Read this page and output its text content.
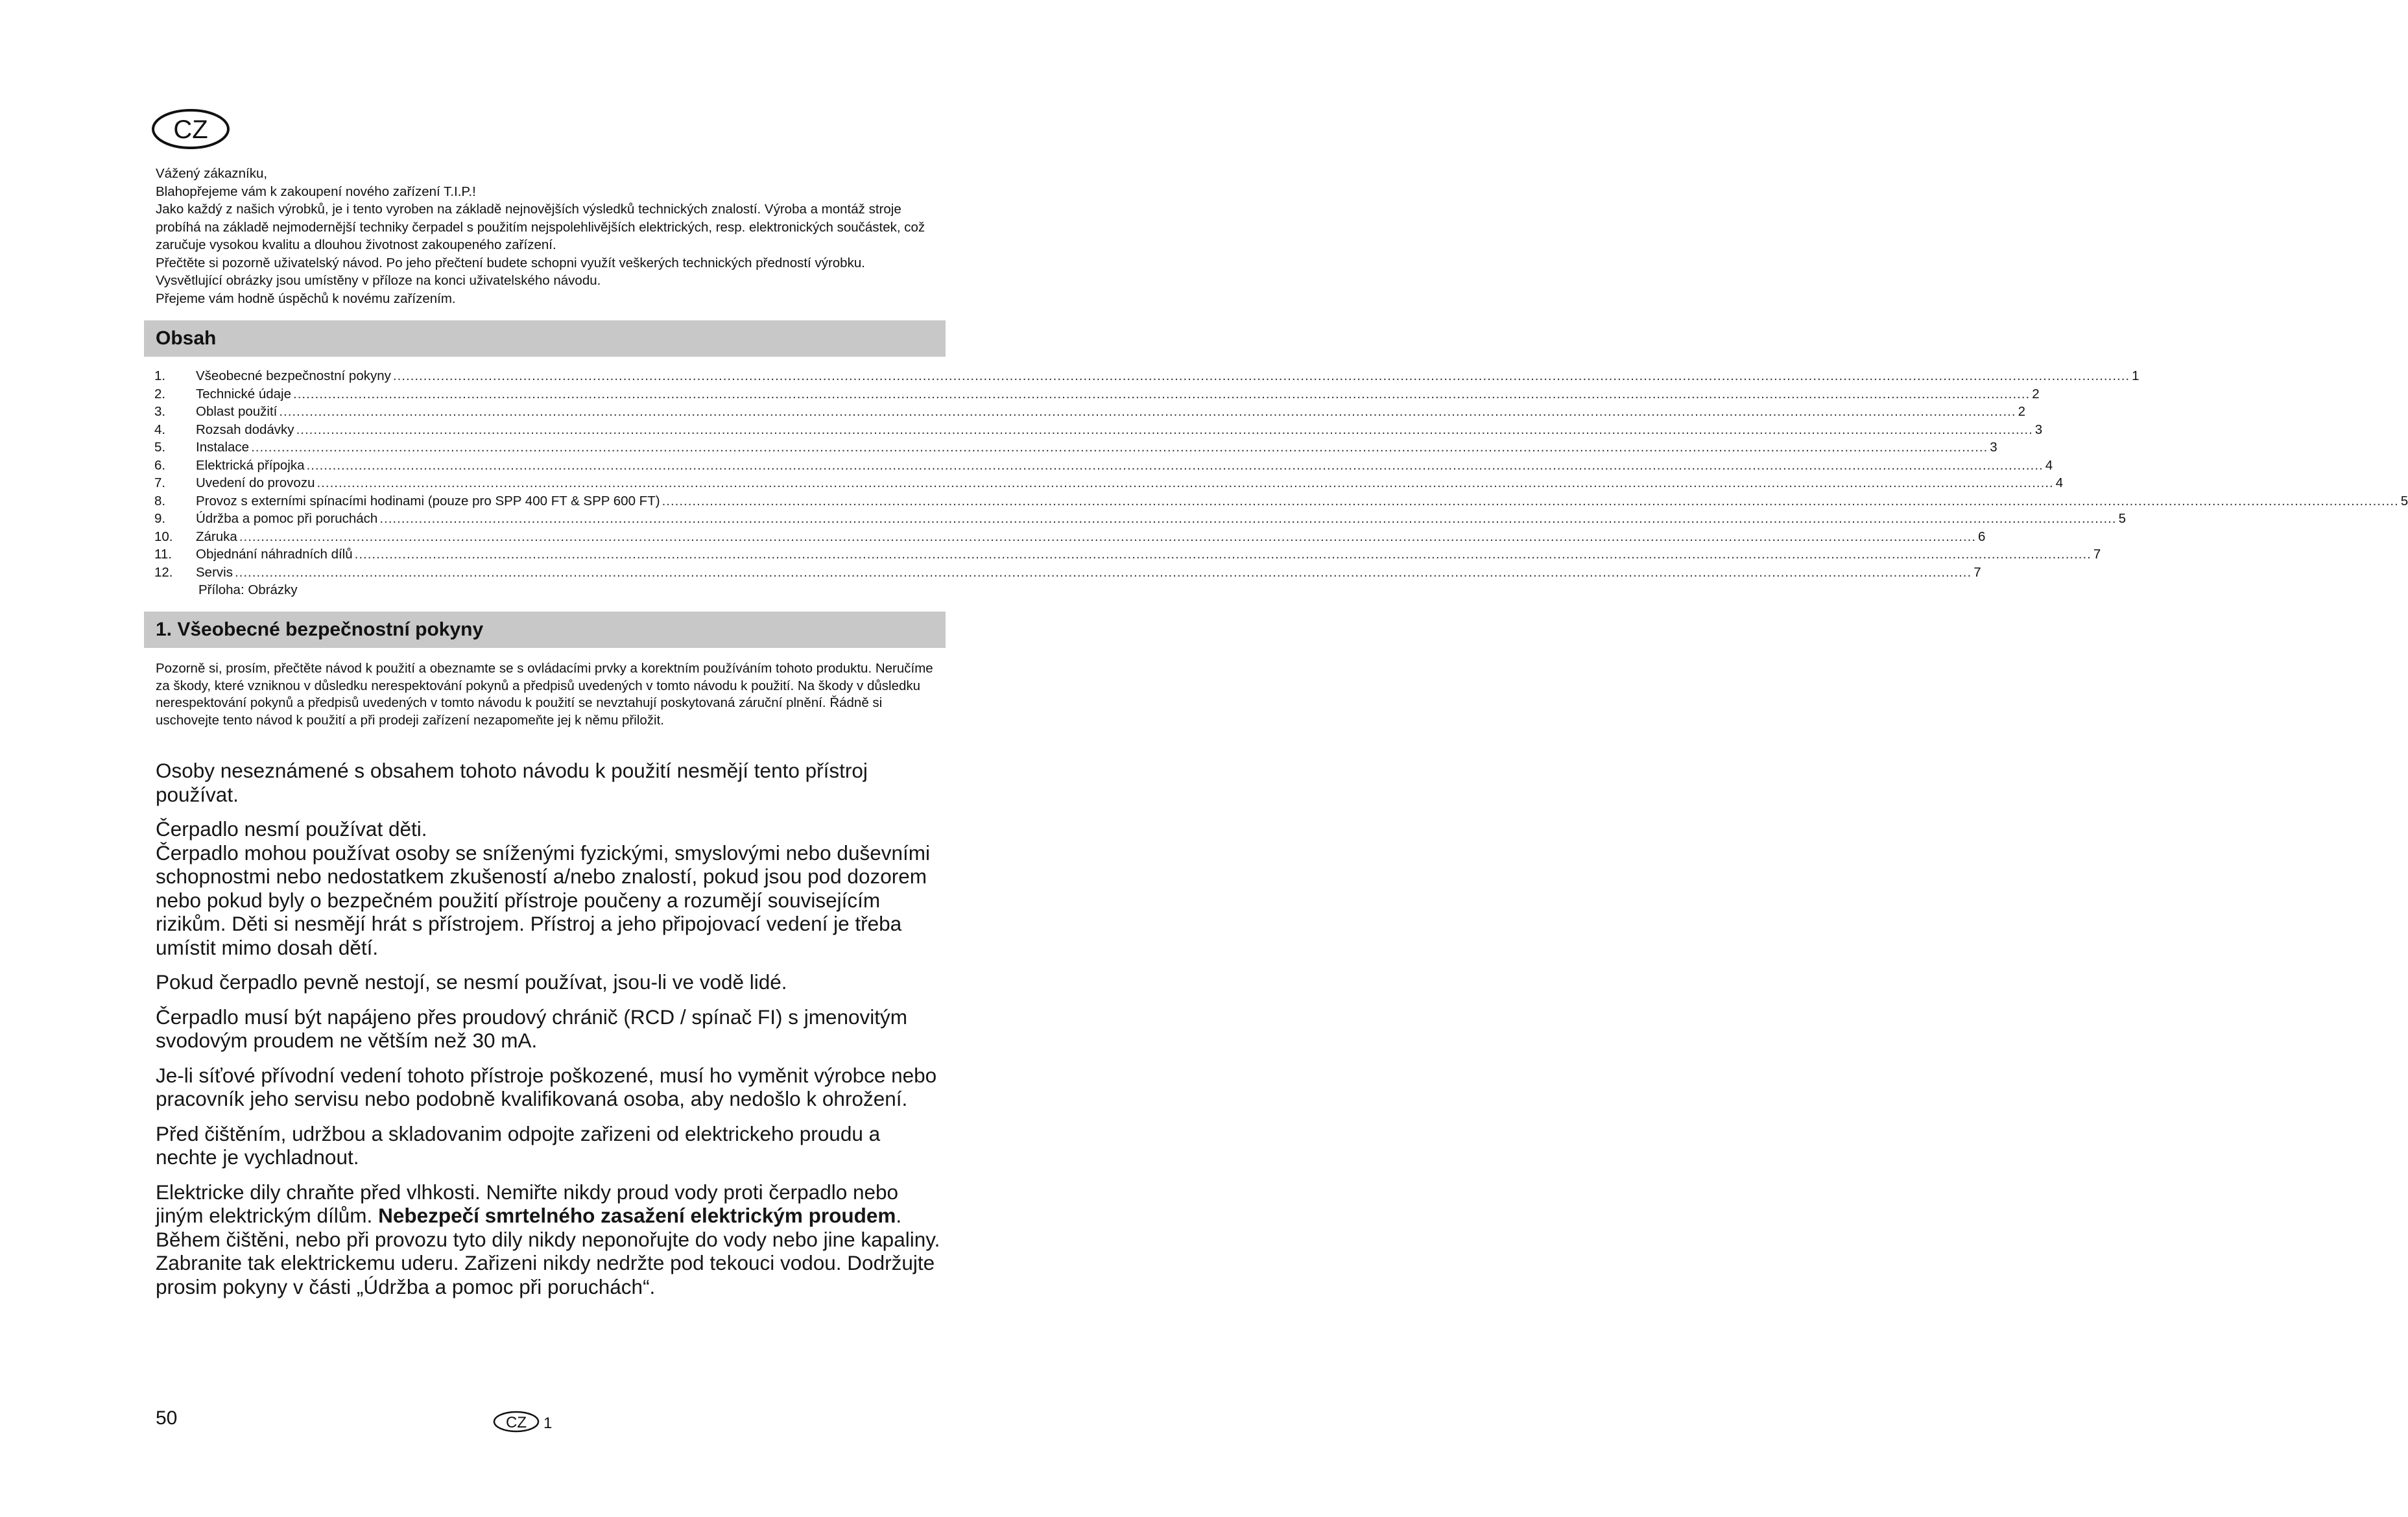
CZ

Vážený zákazníku,

Blahopřejeme vám k zakoupení nového zařízení T.I.P.!

Jako každý z našich výrobků, je i tento vyroben na základě nejnovějších výsledků technických znalostí. Výroba a montáž stroje probíhá na základě nejmodernější techniky čerpadel s použitím nejspolehlivějších elektrických, resp. elektronických součástek, což zaručuje vysokou kvalitu a dlouhou životnost zakoupeného zařízení.

Přečtěte si pozorně uživatelský návod. Po jeho přečtení budete schopni využít veškerých technických předností výrobku. Vysvětlující obrázky jsou umístěny v příloze na konci uživatelského návodu.

Přejeme vám hodně úspěchů k novému zařízením.

Obsah
1.	Všeobecné bezpečnostní pokyny ................................................................................................................................................................................................................................................................................................................................................................................................................ 1
2.	Technické údaje ................................................................................................................................................................................................................................................................................................................................................................................................................ 2
3.	Oblast použití ................................................................................................................................................................................................................................................................................................................................................................................................................ 2
4.	Rozsah dodávky ................................................................................................................................................................................................................................................................................................................................................................................................................ 3
5.	Instalace ................................................................................................................................................................................................................................................................................................................................................................................................................ 3
6.	Elektrická přípojka ................................................................................................................................................................................................................................................................................................................................................................................................................ 4
7.	Uvedení do provozu ................................................................................................................................................................................................................................................................................................................................................................................................................ 4
8.	Provoz s externími spínacími hodinami (pouze pro SPP 400 FT & SPP 600 FT) ................................................................................................................................................................................................................................................................................................................................................................................................................ 5
9.	Údržba a pomoc při poruchách ................................................................................................................................................................................................................................................................................................................................................................................................................ 5
10.	Záruka ................................................................................................................................................................................................................................................................................................................................................................................................................ 6
11.	Objednání náhradních dílů ................................................................................................................................................................................................................................................................................................................................................................................................................ 7
12.	Servis ................................................................................................................................................................................................................................................................................................................................................................................................................ 7
Příloha: Obrázky
1. Všeobecné bezpečnostní pokyny

Pozorně si, prosím, přečtěte návod k použití a obeznamte se s ovládacími prvky a korektním používáním tohoto produktu. Neručíme za škody, které vzniknou v důsledku nerespektování pokynů a předpisů uvedených v tomto návodu k použití. Na škody v důsledku nerespektování pokynů a předpisů uvedených v tomto návodu k použití se nevztahují poskytovaná záruční plnění. Řádně si uschovejte tento návod k použití a při prodeji zařízení nezapomeňte jej k němu přiložit.

Osoby neseznámené s obsahem tohoto návodu k použití nesmějí tento přístroj používat.

Čerpadlo nesmí používat děti.
Čerpadlo mohou používat osoby se sníženými fyzickými, smyslovými nebo duševními schopnostmi nebo nedostatkem zkušeností a/nebo znalostí, pokud jsou pod dozorem nebo pokud byly o bezpečném použití přístroje poučeny a rozumějí souvisejícím rizikům. Děti si nesmějí hrát s přístrojem. Přístroj a jeho připojovací vedení je třeba umístit mimo dosah dětí.

Pokud čerpadlo pevně nestojí, se nesmí používat, jsou-li ve vodě lidé.

Čerpadlo musí být napájeno přes proudový chránič (RCD / spínač FI) s jmenovitým svodovým proudem ne větším než 30 mA.

Je-li síťové přívodní vedení tohoto přístroje poškozené, musí ho vyměnit výrobce nebo pracovník jeho servisu nebo podobně kvalifikovaná osoba, aby nedošlo k ohrožení.

Před čištěním, udržbou a skladovanim odpojte zařizeni od elektrickeho proudu a nechte je vychladnout.

Elektricke dily chraňte před vlhkosti. Nemiřte nikdy proud vody proti čerpadlo nebo jiným elektrickým dílům. Nebezpečí smrtelného zasažení elektrickým proudem. Během čištěni, nebo při provozu tyto dily nikdy neponořujte do vody nebo jine kapaliny. Zabranite tak elektrickemu uderu. Zařizeni nikdy nedržte pod tekouci vodou. Dodržujte prosim pokyny v části „Údržba a pomoc při poruchách“.

50	CZ 1
